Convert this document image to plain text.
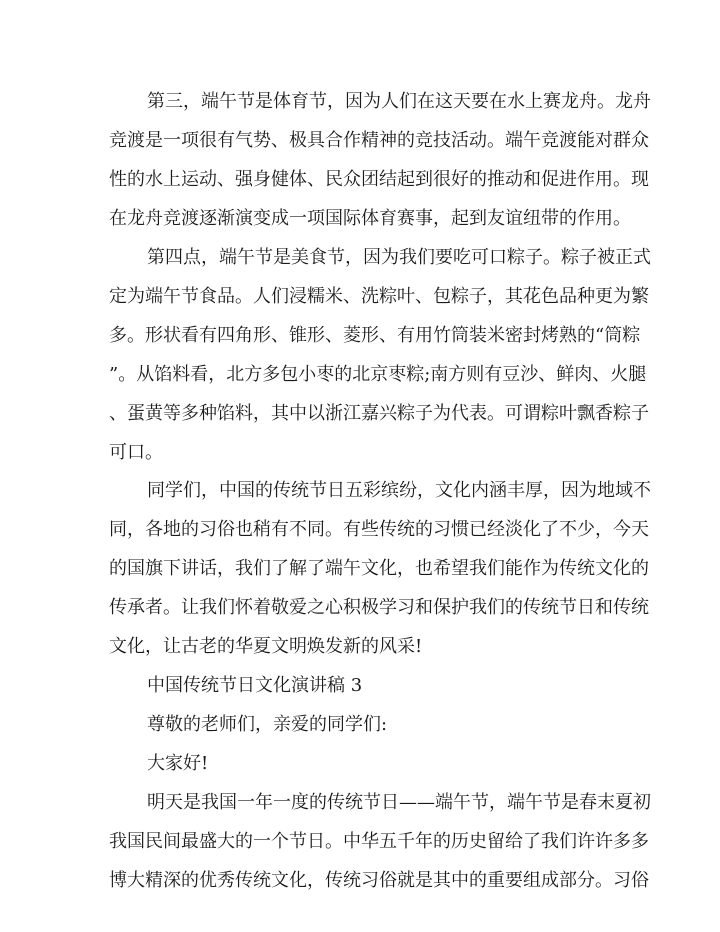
第三，端午节是体育节，因为人们在这天要在水上赛龙舟。龙舟
竞渡是一项很有气势、极具合作精神的竞技活动。端午竞渡能对群众
性的水上运动、强身健体、民众团结起到很好的推动和促进作用。现
在龙舟竞渡逐渐演变成一项国际体育赛事，起到友谊纽带的作用。
第四点，端午节是美食节，因为我们要吃可口粽子。粽子被正式
定为端午节食品。人们浸糯米、洗粽叶、包粽子，其花色品种更为繁
多。形状看有四角形、锥形、菱形、有用竹筒装米密封烤熟的“筒粽
”。从馅料看，北方多包小枣的北京枣粽;南方则有豆沙、鲜肉、火腿
、蛋黄等多种馅料，其中以浙江嘉兴粽子为代表。可谓粽叶飘香粽子
可口。
同学们，中国的传统节日五彩缤纷，文化内涵丰厚，因为地域不
同，各地的习俗也稍有不同。有些传统的习惯已经淡化了不少，今天
的国旗下讲话，我们了解了端午文化，也希望我们能作为传统文化的
传承者。让我们怀着敬爱之心积极学习和保护我们的传统节日和传统
文化，让古老的华夏文明焕发新的风采!
中国传统节日文化演讲稿 3
尊敬的老师们，亲爱的同学们:
大家好!
明天是我国一年一度的传统节日——端午节，端午节是春末夏初
我国民间最盛大的一个节日。中华五千年的历史留给了我们许许多多
博大精深的优秀传统文化，传统习俗就是其中的重要组成部分。习俗
